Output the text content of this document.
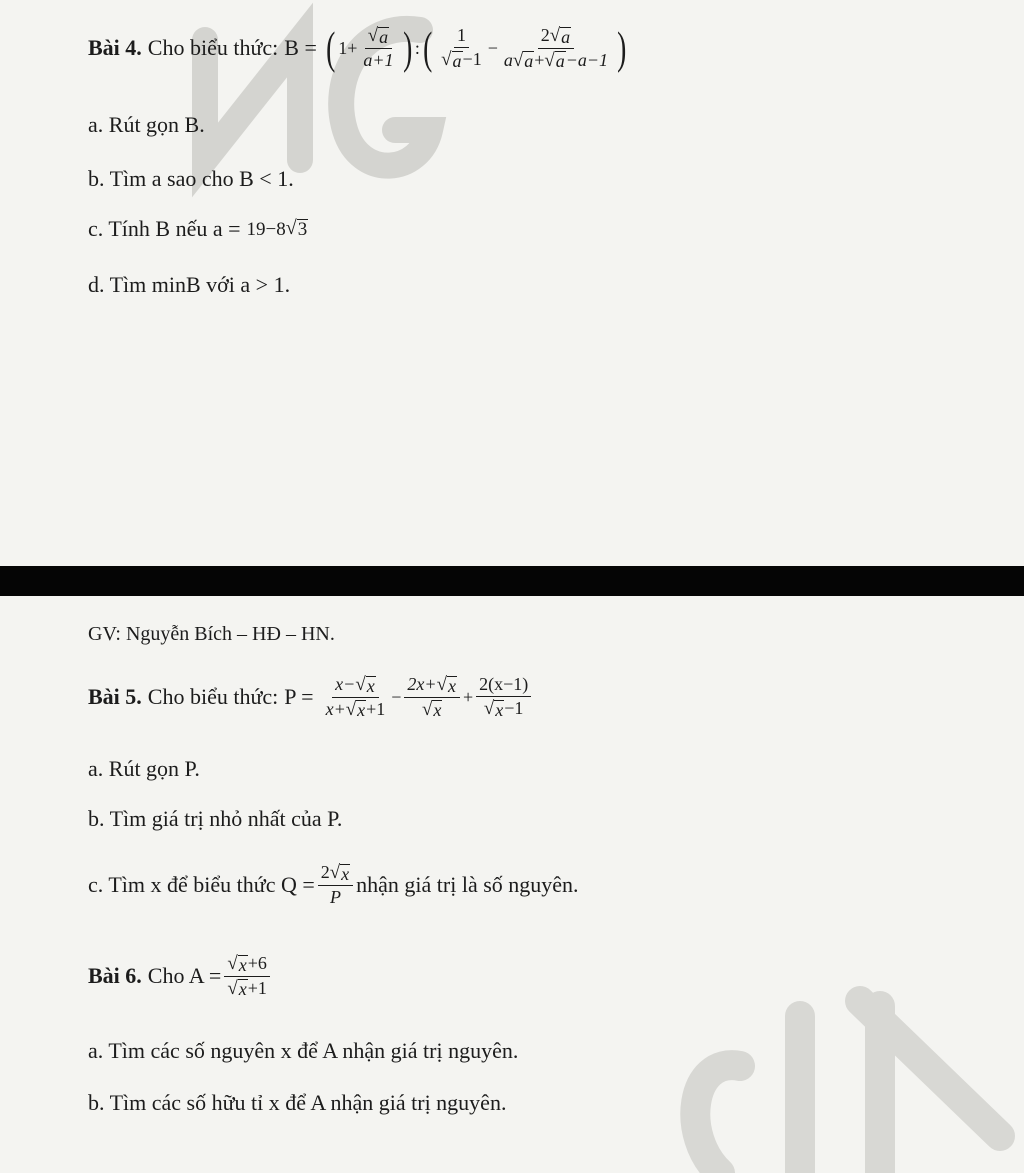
Bài 4. Cho biểu thức: B = ( $1+ \frac{√ a}{a+1}$ ) : ( $\frac{1}{√ a -1} - \frac{2 √ a}{a √ a + √ a -a-1}$ )
a. Rút gọn B.
b. Tìm a sao cho B < 1.
c. Tính B nếu a = 19−8 √ 3
d. Tìm minB với a > 1.
GV: Nguyễn Bích – HĐ – HN.
Bài 5. Cho biểu thức: $P = \frac{x- √ x}{x+ √ x +1} - \frac{2x+ √ x}{√ x} + \frac{2(x-1)}{√ x -1}$
a. Rút gọn P.
b. Tìm giá trị nhỏ nhất của P.
c. Tìm x để biểu thức $Q = \frac{2 √ x}{P}$ nhận giá trị là số nguyên.
Bài 6. Cho $A = \frac{√ x +6}{√ x +1}$
a. Tìm các số nguyên x để A nhận giá trị nguyên.
b. Tìm các số hữu tỉ x để A nhận giá trị nguyên.
